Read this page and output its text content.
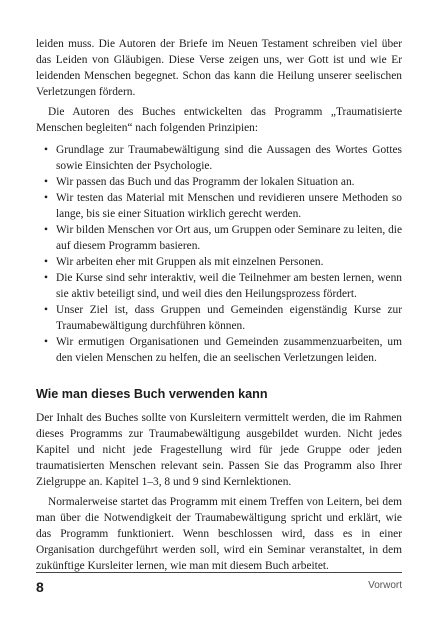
leiden muss. Die Autoren der Briefe im Neuen Testament schreiben viel über das Leiden von Gläubigen. Diese Verse zeigen uns, wer Gott ist und wie Er leidenden Menschen begegnet. Schon das kann die Heilung unserer seelischen Verletzungen fördern.

Die Autoren des Buches entwickelten das Programm „Traumatisierte Menschen begleiten“ nach folgenden Prinzipien:

• Grundlage zur Traumabewältigung sind die Aussagen des Wortes Gottes sowie Einsichten der Psychologie.
• Wir passen das Buch und das Programm der lokalen Situation an.
• Wir testen das Material mit Menschen und revidieren unsere Methoden so lange, bis sie einer Situation wirklich gerecht werden.
• Wir bilden Menschen vor Ort aus, um Gruppen oder Seminare zu leiten, die auf diesem Programm basieren.
• Wir arbeiten eher mit Gruppen als mit einzelnen Personen.
• Die Kurse sind sehr interaktiv, weil die Teilnehmer am besten lernen, wenn sie aktiv beteiligt sind, und weil dies den Heilungsprozess fördert.
• Unser Ziel ist, dass Gruppen und Gemeinden eigenständig Kurse zur Traumabewältigung durchführen können.
• Wir ermutigen Organisationen und Gemeinden zusammenzuarbeiten, um den vielen Menschen zu helfen, die an seelischen Verletzungen leiden.
Wie man dieses Buch verwenden kann

Der Inhalt des Buches sollte von Kursleitern vermittelt werden, die im Rahmen dieses Programms zur Traumabewältigung ausgebildet wurden. Nicht jedes Kapitel und nicht jede Fragestellung wird für jede Gruppe oder jeden traumatisierten Menschen relevant sein. Passen Sie das Programm also Ihrer Zielgruppe an. Kapitel 1–3, 8 und 9 sind Kernlektionen.

Normalerweise startet das Programm mit einem Treffen von Leitern, bei dem man über die Notwendigkeit der Traumabewältigung spricht und erklärt, wie das Programm funktioniert. Wenn beschlossen wird, dass es in einer Organisation durchgeführt werden soll, wird ein Seminar veranstaltet, in dem zukünftige Kursleiter lernen, wie man mit diesem Buch arbeitet.

8	Vorwort
